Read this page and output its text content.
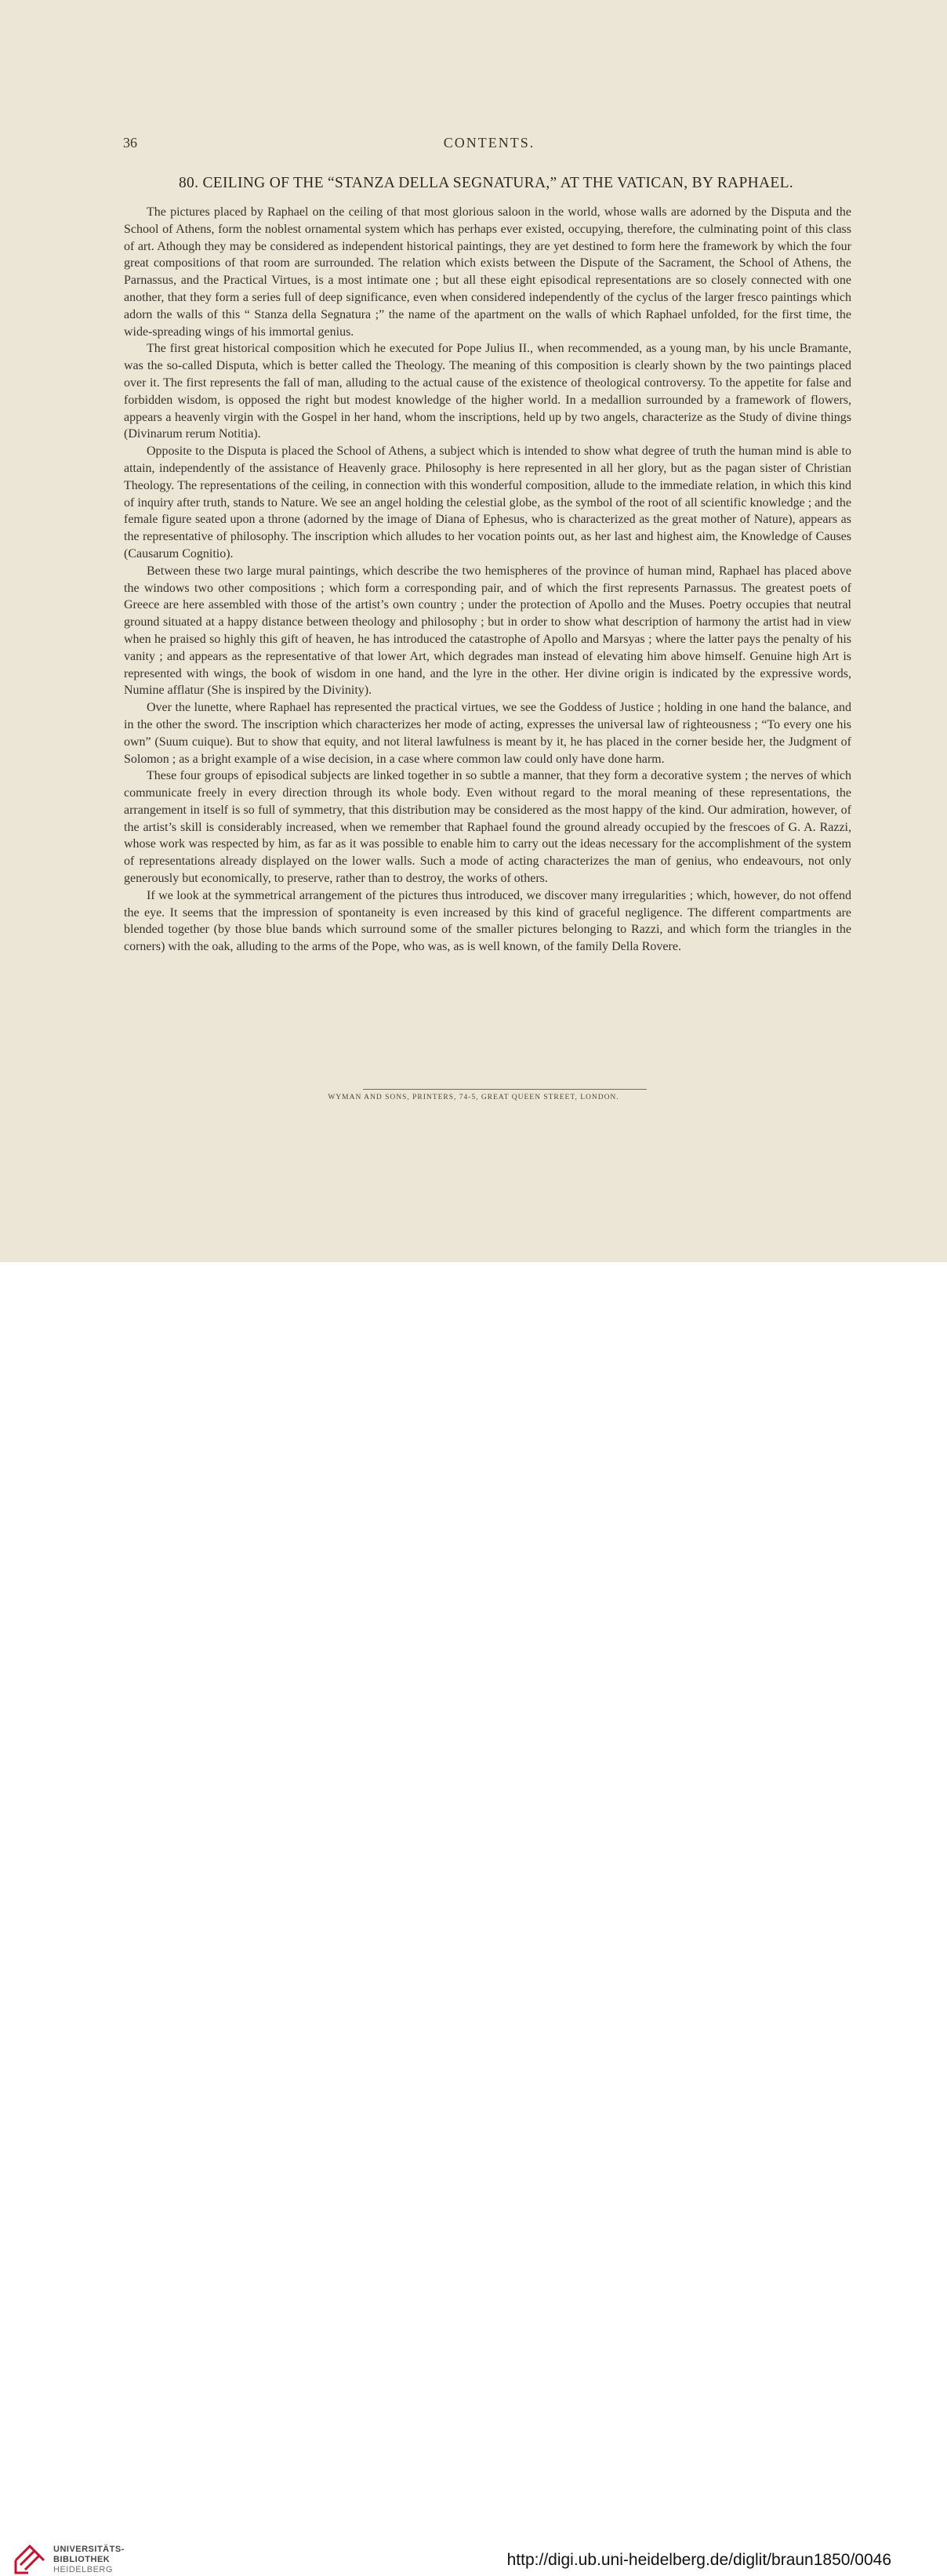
36	CONTENTS.
80. CEILING OF THE “STANZA DELLA SEGNATURA,” AT THE VATICAN, BY RAPHAEL.

The pictures placed by Raphael on the ceiling of that most glorious saloon in the world, whose walls are adorned by the Disputa and the School of Athens, form the noblest ornamental system which has perhaps ever existed, occupying, therefore, the culminating point of this class of art. Athough they may be considered as independent historical paintings, they are yet destined to form here the framework by which the four great compositions of that room are surrounded. The relation which exists between the Dispute of the Sacrament, the School of Athens, the Parnassus, and the Practical Virtues, is a most intimate one ; but all these eight episodical representations are so closely connected with one another, that they form a series full of deep significance, even when considered independently of the cyclus of the larger fresco paintings which adorn the walls of this “ Stanza della Segnatura ;” the name of the apartment on the walls of which Raphael unfolded, for the first time, the wide-spreading wings of his immortal genius.

The first great historical composition which he executed for Pope Julius II., when recommended, as a young man, by his uncle Bramante, was the so-called Disputa, which is better called the Theology. The meaning of this composition is clearly shown by the two paintings placed over it. The first represents the fall of man, alluding to the actual cause of the existence of theological controversy. To the appetite for false and forbidden wisdom, is opposed the right but modest knowledge of the higher world. In a medallion surrounded by a framework of flowers, appears a heavenly virgin with the Gospel in her hand, whom the inscriptions, held up by two angels, characterize as the Study of divine things (Divinarum rerum Notitia).

Opposite to the Disputa is placed the School of Athens, a subject which is intended to show what degree of truth the human mind is able to attain, independently of the assistance of Heavenly grace. Philosophy is here represented in all her glory, but as the pagan sister of Christian Theology. The representations of the ceiling, in connection with this wonderful composition, allude to the immediate relation, in which this kind of inquiry after truth, stands to Nature. We see an angel holding the celestial globe, as the symbol of the root of all scientific knowledge ; and the female figure seated upon a throne (adorned by the image of Diana of Ephesus, who is characterized as the great mother of Nature), appears as the representative of philosophy. The inscription which alludes to her vocation points out, as her last and highest aim, the Knowledge of Causes (Causarum Cognitio).

Between these two large mural paintings, which describe the two hemispheres of the province of human mind, Raphael has placed above the windows two other compositions ; which form a corresponding pair, and of which the first represents Parnassus. The greatest poets of Greece are here assembled with those of the artist’s own country ; under the protection of Apollo and the Muses. Poetry occupies that neutral ground situated at a happy distance between theology and philosophy ; but in order to show what description of harmony the artist had in view when he praised so highly this gift of heaven, he has introduced the catastrophe of Apollo and Marsyas ; where the latter pays the penalty of his vanity ; and appears as the representative of that lower Art, which degrades man instead of elevating him above himself. Genuine high Art is represented with wings, the book of wisdom in one hand, and the lyre in the other. Her divine origin is indicated by the expressive words, Numine afflatur (She is inspired by the Divinity).

Over the lunette, where Raphael has represented the practical virtues, we see the Goddess of Justice ; holding in one hand the balance, and in the other the sword. The inscription which characterizes her mode of acting, expresses the universal law of righteousness ; “To every one his own” (Suum cuique). But to show that equity, and not literal lawfulness is meant by it, he has placed in the corner beside her, the Judgment of Solomon ; as a bright example of a wise decision, in a case where common law could only have done harm.

These four groups of episodical subjects are linked together in so subtle a manner, that they form a decorative system ; the nerves of which communicate freely in every direction through its whole body. Even without regard to the moral meaning of these representations, the arrangement in itself is so full of symmetry, that this distribution may be considered as the most happy of the kind. Our admiration, however, of the artist’s skill is considerably increased, when we remember that Raphael found the ground already occupied by the frescoes of G. A. Razzi, whose work was respected by him, as far as it was possible to enable him to carry out the ideas necessary for the accomplishment of the system of representations already displayed on the lower walls. Such a mode of acting characterizes the man of genius, who endeavours, not only generously but economically, to preserve, rather than to destroy, the works of others.

If we look at the symmetrical arrangement of the pictures thus introduced, we discover many irregularities ; which, however, do not offend the eye. It seems that the impression of spontaneity is even increased by this kind of graceful negligence. The different compartments are blended together (by those blue bands which surround some of the smaller pictures belonging to Razzi, and which form the triangles in the corners) with the oak, alluding to the arms of the Pope, who was, as is well known, of the family Della Rovere.

WYMAN AND SONS, PRINTERS, 74-5, GREAT QUEEN STREET, LONDON.
UNIVERSITÄTS-
BIBLIOTHEK
HEIDELBERG
http://digi.ub.uni-heidelberg.de/diglit/braun1850/0046
